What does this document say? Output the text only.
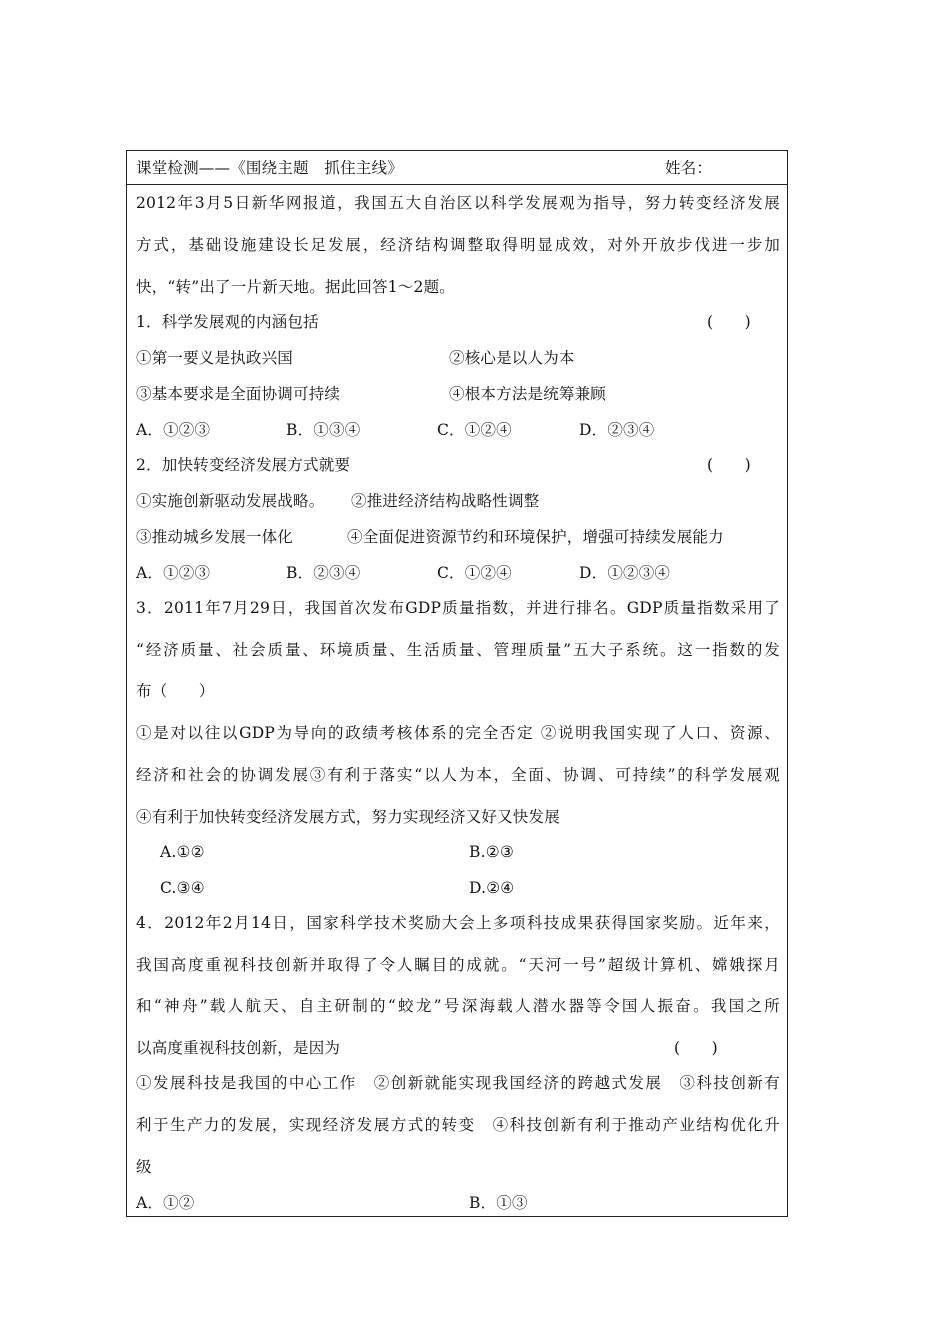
课堂检测——《围绕主题　抓住主线》	姓名：
2012年3月5日新华网报道，我国五大自治区以科学发展观为指导，努力转变经济发展
方式，基础设施建设长足发展，经济结构调整取得明显成效，对外开放步伐进一步加
快，“转”出了一片新天地。据此回答1～2题。
1．科学发展观的内涵包括	(　　)
①第一要义是执政兴国	②核心是以人为本
③基本要求是全面协调可持续	④根本方法是统筹兼顾
A．①②③	B．①③④	C．①②④	D．②③④
2．加快转变经济发展方式就要	(　　)
①实施创新驱动发展战略。 ②推进经济结构战略性调整
③推动城乡发展一体化	④全面促进资源节约和环境保护，增强可持续发展能力
A．①②③	B．②③④	C．①②④	D．①②③④
3．2011年7月29日，我国首次发布GDP质量指数，并进行排名。GDP质量指数采用了
“经济质量、社会质量、环境质量、生活质量、管理质量”五大子系统。这一指数的发
布（　　）
①是对以往以GDP为导向的政绩考核体系的完全否定 ②说明我国实现了人口、资源、
经济和社会的协调发展③有利于落实“以人为本，全面、协调、可持续”的科学发展观
④有利于加快转变经济发展方式，努力实现经济又好又快发展
A.①②	B.②③
C.③④	D.②④
4．2012年2月14日，国家科学技术奖励大会上多项科技成果获得国家奖励。近年来，
我国高度重视科技创新并取得了令人瞩目的成就。“天河一号”超级计算机、嫦娥探月
和“神舟”载人航天、自主研制的“蛟龙”号深海载人潜水器等令国人振奋。我国之所
以高度重视科技创新，是因为	(　　)
①发展科技是我国的中心工作　②创新就能实现我国经济的跨越式发展　③科技创新有
利于生产力的发展，实现经济发展方式的转变　④科技创新有利于推动产业结构优化升
级
A．①②	B．①③
